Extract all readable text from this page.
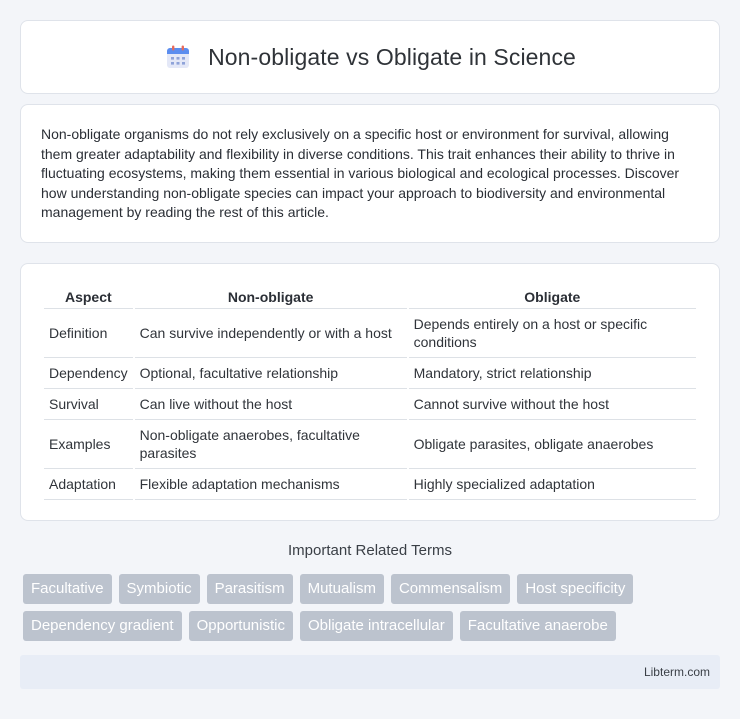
Non-obligate vs Obligate in Science

Non-obligate organisms do not rely exclusively on a specific host or environment for survival, allowing them greater adaptability and flexibility in diverse conditions. This trait enhances their ability to thrive in fluctuating ecosystems, making them essential in various biological and ecological processes. Discover how understanding non-obligate species can impact your approach to biodiversity and environmental management by reading the rest of this article.

Aspect	Non-obligate	Obligate
Definition	Can survive independently or with a host	Depends entirely on a host or specific conditions
Dependency	Optional, facultative relationship	Mandatory, strict relationship
Survival	Can live without the host	Cannot survive without the host
Examples	Non-obligate anaerobes, facultative parasites	Obligate parasites, obligate anaerobes
Adaptation	Flexible adaptation mechanisms	Highly specialized adaptation
Important Related Terms
Facultative	Symbiotic	Parasitism	Mutualism	Commensalism	Host specificity
Dependency gradient	Opportunistic	Obligate intracellular	Facultative anaerobe
Libterm.com
